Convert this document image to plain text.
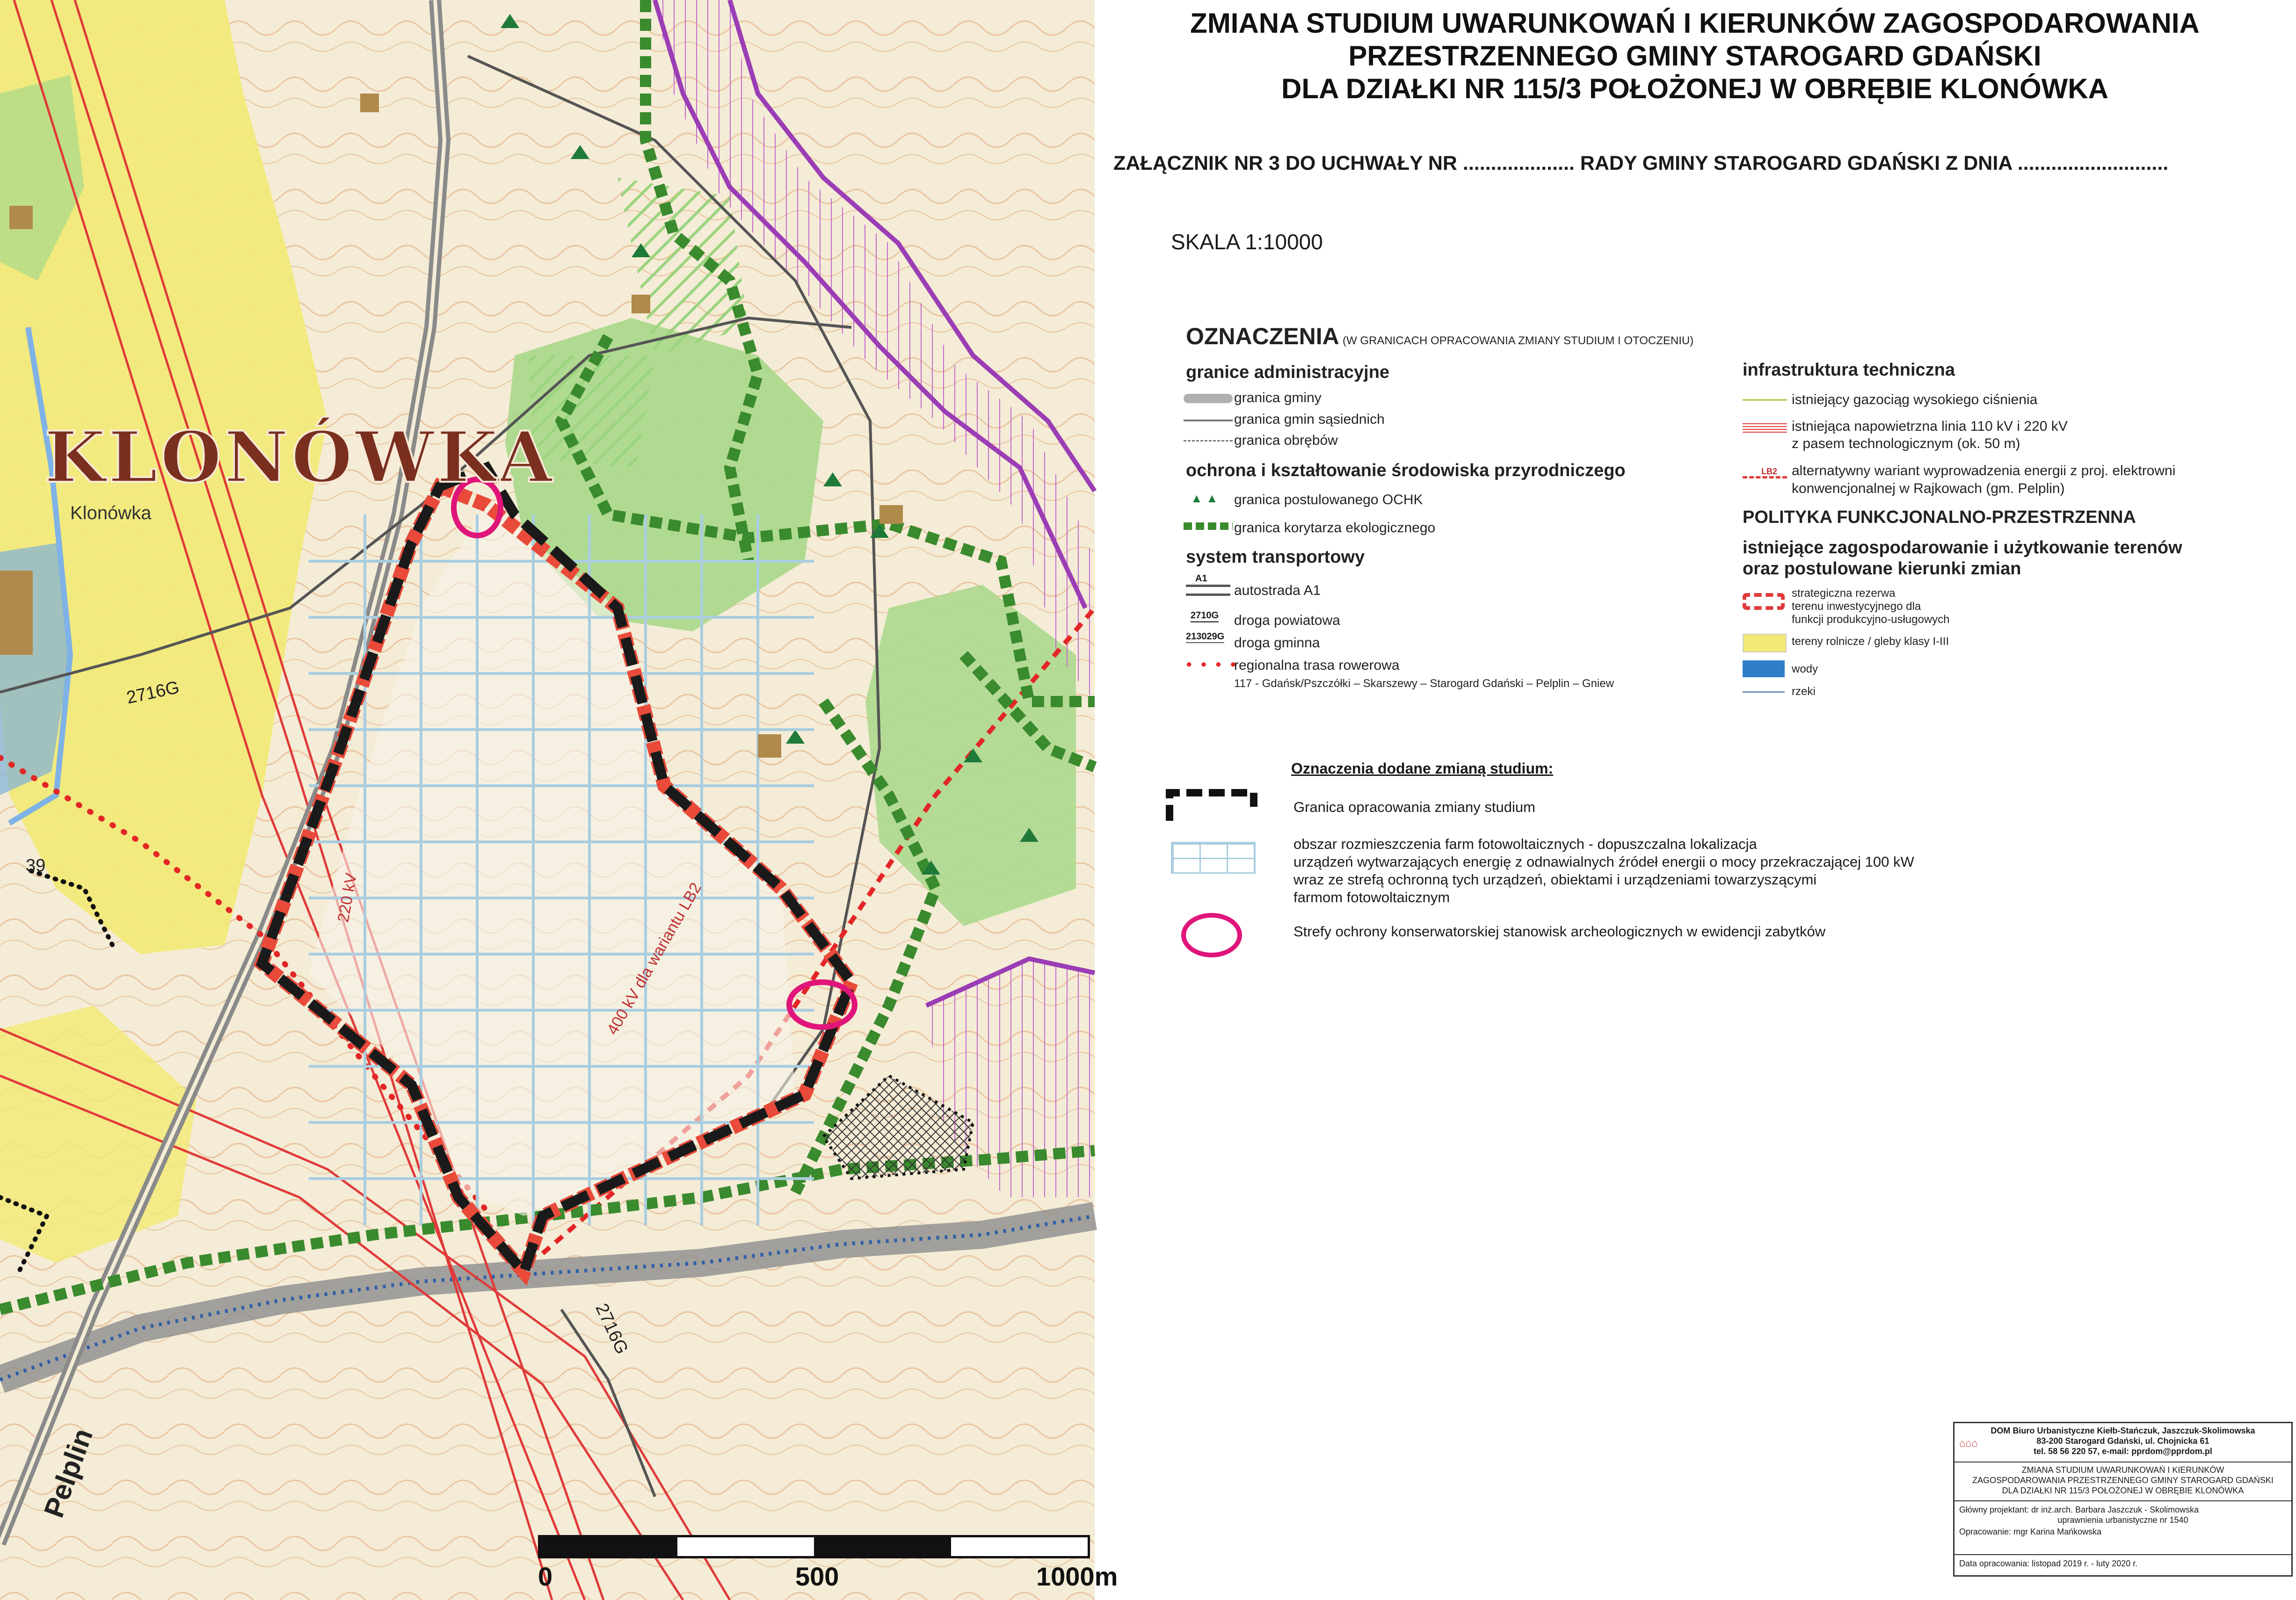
KLONÓWKA
Klonówka
2716G
39
220 kV	400 kV dla wariantu LB2
2716G
Pelplin
0	500	1000m
ZMIANA STUDIUM UWARUNKOWAŃ I KIERUNKÓW ZAGOSPODAROWANIA
PRZESTRZENNEGO GMINY STAROGARD GDAŃSKI
DLA DZIAŁKI NR 115/3 POŁOŻONEJ W OBRĘBIE KLONÓWKA
ZAŁĄCZNIK NR 3 DO UCHWAŁY NR .................... RADY GMINY STAROGARD GDAŃSKI Z DNIA ...........................
SKALA 1:10000
OZNACZENIA (W GRANICACH OPRACOWANIA ZMIANY STUDIUM I OTOCZENIU)
granice administracyjne
granica gminy
granica gmin sąsiednich
granica obrębów
ochrona i kształtowanie środowiska przyrodniczego
▲ ▲ granica postulowanego OCHK
granica korytarza ekologicznego
system transportowy
A1
autostrada A1
2710G droga powiatowa
213029G droga gminna
● ● ● ●
regionalna trasa rowerowa
117 - Gdańsk/Pszczółki – Skarszewy – Starogard Gdański – Pelplin – Gniew
infrastruktura techniczna
istniejący gazociąg wysokiego ciśnienia
istniejąca napowietrzna linia 110 kV i 220 kV
z pasem technologicznym (ok. 50 m)
LB2 alternatywny wariant wyprowadzenia energii z proj. elektrowni
konwencjonalnej w Rajkowach (gm. Pelplin)
POLITYKA FUNKCJONALNO-PRZESTRZENNA
istniejące zagospodarowanie i użytkowanie terenów
oraz postulowane kierunki zmian
strategiczna rezerwa
terenu inwestycyjnego dla
funkcji produkcyjno-usługowych
tereny rolnicze / gleby klasy I-III
wody
rzeki
Oznaczenia dodane zmianą studium:
Granica opracowania zmiany studium
obszar rozmieszczenia farm fotowoltaicznych - dopuszczalna lokalizacja
urządzeń wytwarzających energię z odnawialnych źródeł energii o mocy przekraczającej 100 kW
wraz ze strefą ochronną tych urządzeń, obiektami i urządzeniami towarzyszącymi
farmom fotowoltaicznym
Strefy ochrony konserwatorskiej stanowisk archeologicznych w ewidencji zabytków
DOM Biuro Urbanistyczne Kiełb-Stańczuk, Jaszczuk-Skolimowska
83-200 Starogard Gdański, ul. Chojnicka 61
tel. 58 56 220 57, e-mail: pprdom@pprdom.pl
⌂⌂⌂
ZMIANA STUDIUM UWARUNKOWAŃ I KIERUNKÓW
ZAGOSPODAROWANIA PRZESTRZENNEGO GMINY STAROGARD GDAŃSKI
DLA DZIAŁKI NR 115/3 POŁOŻONEJ W OBRĘBIE KLONÓWKA
Główny projektant: dr inż.arch. Barbara Jaszczuk - Skolimowska
uprawnienia urbanistyczne nr 1540
Opracowanie: mgr Karina Mańkowska
Data opracowania: listopad 2019 r. - luty 2020 r.
